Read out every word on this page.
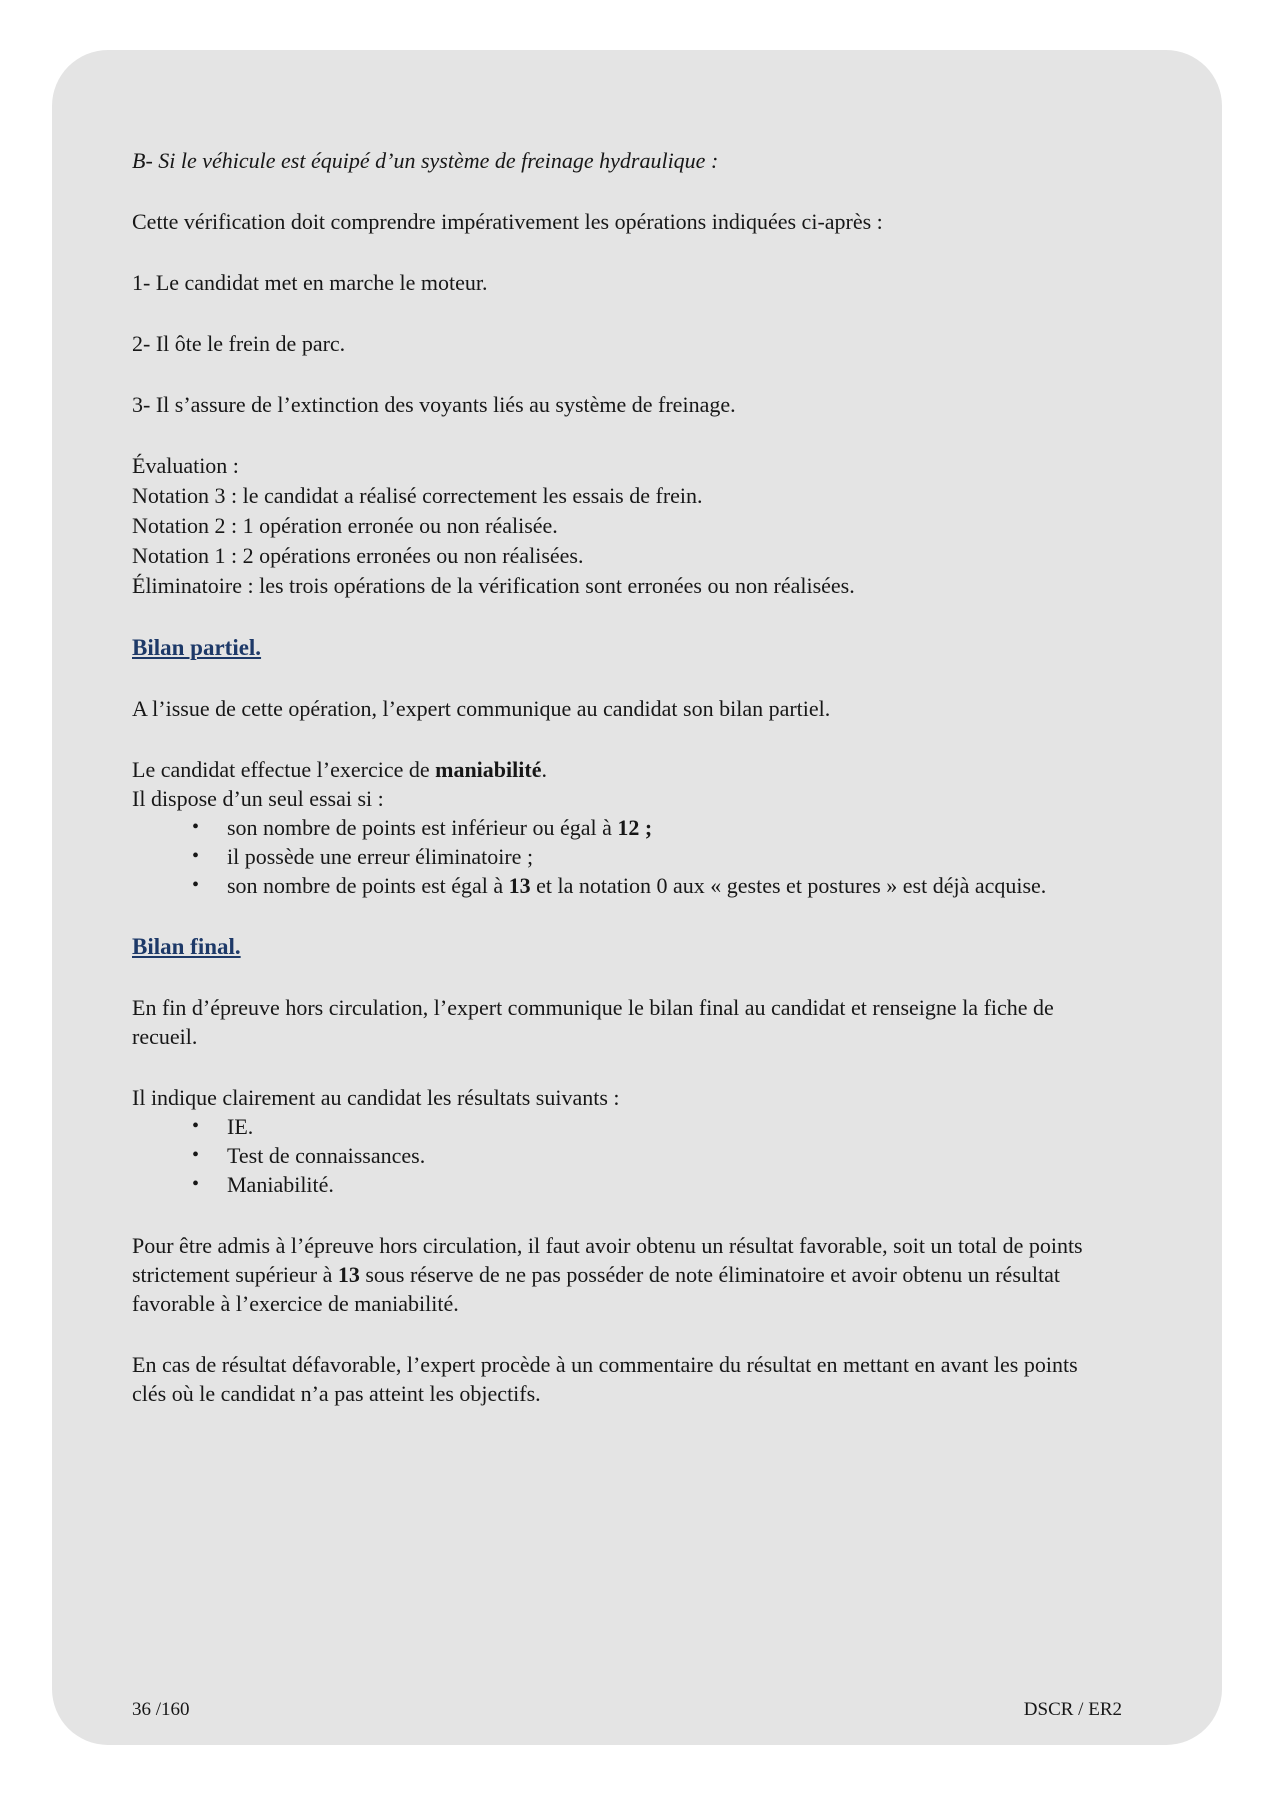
B- Si le véhicule est équipé d’un système de freinage hydraulique :

Cette vérification doit comprendre impérativement les opérations indiquées ci-après :

1- Le candidat met en marche le moteur.

2- Il ôte le frein de parc.

3- Il s’assure de l’extinction des voyants liés au système de freinage.

Évaluation :

Notation 3 : le candidat a réalisé correctement les essais de frein.

Notation 2 : 1 opération erronée ou non réalisée.

Notation 1 : 2 opérations erronées ou non réalisées.

Éliminatoire : les trois opérations de la vérification sont erronées ou non réalisées.

Bilan partiel.

A l’issue de cette opération, l’expert communique au candidat son bilan partiel.

Le candidat effectue l’exercice de maniabilité.
Il dispose d’un seul essai si :

• son nombre de points est inférieur ou égal à 12 ;
• il possède une erreur éliminatoire ;
• son nombre de points est égal à 13 et la notation 0 aux « gestes et postures » est déjà acquise.

Bilan final.

En fin d’épreuve hors circulation, l’expert communique le bilan final au candidat et renseigne la fiche de recueil.

Il indique clairement au candidat les résultats suivants :

• IE.
• Test de connaissances.
• Maniabilité.

Pour être admis à l’épreuve hors circulation, il faut avoir obtenu un résultat favorable, soit un total de points strictement supérieur à 13 sous réserve de ne pas posséder de note éliminatoire et avoir obtenu un résultat favorable à l’exercice de maniabilité.

En cas de résultat défavorable, l’expert procède à un commentaire du résultat en mettant en avant les points clés où le candidat n’a pas atteint les objectifs.

36 /160	DSCR / ER2
